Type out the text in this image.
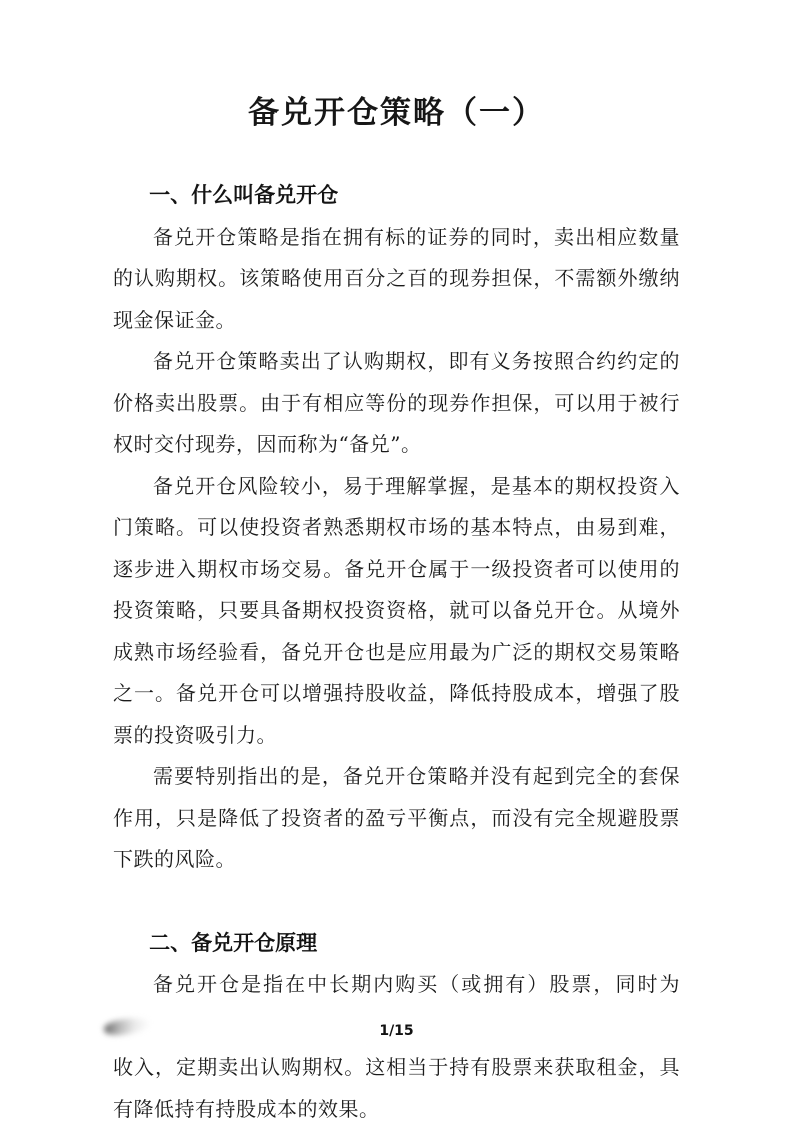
备兑开仓策略（一）
一、什么叫备兑开仓

备兑开仓策略是指在拥有标的证券的同时，卖出相应数量的认购期权。该策略使用百分之百的现券担保，不需额外缴纳现金保证金。

备兑开仓策略卖出了认购期权，即有义务按照合约约定的价格卖出股票。由于有相应等份的现券作担保，可以用于被行权时交付现券，因而称为“备兑”。

备兑开仓风险较小，易于理解掌握，是基本的期权投资入门策略。可以使投资者熟悉期权市场的基本特点，由易到难，逐步进入期权市场交易。备兑开仓属于一级投资者可以使用的投资策略，只要具备期权投资资格，就可以备兑开仓。从境外成熟市场经验看，备兑开仓也是应用最为广泛的期权交易策略之一。备兑开仓可以增强持股收益，降低持股成本，增强了股票的投资吸引力。

需要特别指出的是，备兑开仓策略并没有起到完全的套保作用，只是降低了投资者的盈亏平衡点，而没有完全规避股票下跌的风险。

二、备兑开仓原理

备兑开仓是指在中长期内购买（或拥有）股票，同时为

收入，定期卖出认购期权。这相当于持有股票来获取租金，具有降低持有持股成本的效果。

1/15
